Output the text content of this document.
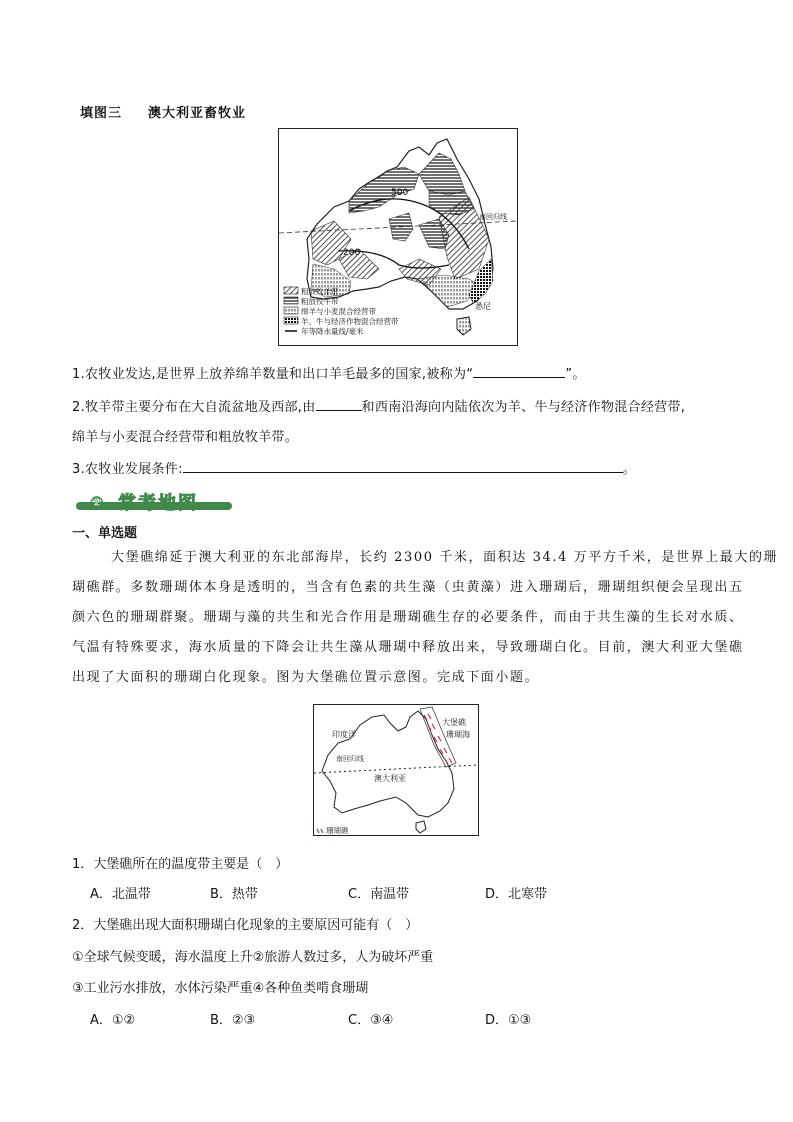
填图三 澳大利亚畜牧业
500
200
南回归线
悉尼
粗放牧羊带
粗放牧牛带
绵羊与小麦混合经营带
羊、牛与经济作物混合经营带
年等降水量线/毫米
1.农牧业发达,是世界上放养绵羊数量和出口羊毛最多的国家,被称为“	”。
2.牧羊带主要分布在大自流盆地及西部,由	和西南沿海向内陆依次为羊、牛与经济作物混合经营带,
绵羊与小麦混合经营带和粗放牧羊带。
3.农牧业发展条件:	。
② 常考地图
一、单选题
大堡礁绵延于澳大利亚的东北部海岸，长约 2300 千米，面积达 34.4 万平方千米，是世界上最大的珊
瑚礁群。多数珊瑚体本身是透明的，当含有色素的共生藻（虫黄藻）进入珊瑚后，珊瑚组织便会呈现出五
颜六色的珊瑚群聚。珊瑚与藻的共生和光合作用是珊瑚礁生存的必要条件，而由于共生藻的生长对水质、
气温有特殊要求，海水质量的下降会让共生藻从珊瑚中释放出来，导致珊瑚白化。目前，澳大利亚大堡礁
出现了大面积的珊瑚白化现象。图为大堡礁位置示意图。完成下面小题。
印度洋
南回归线
澳大利亚
大堡礁
珊瑚海
珊瑚礁
1．大堡礁所在的温度带主要是（　）
A．北温带	B．热带	C．南温带	D．北寒带
2．大堡礁出现大面积珊瑚白化现象的主要原因可能有（　）
①全球气候变暖，海水温度上升②旅游人数过多，人为破坏严重
③工业污水排放，水体污染严重④各种鱼类啃食珊瑚
A．①②	B．②③	C．③④	D．①③
